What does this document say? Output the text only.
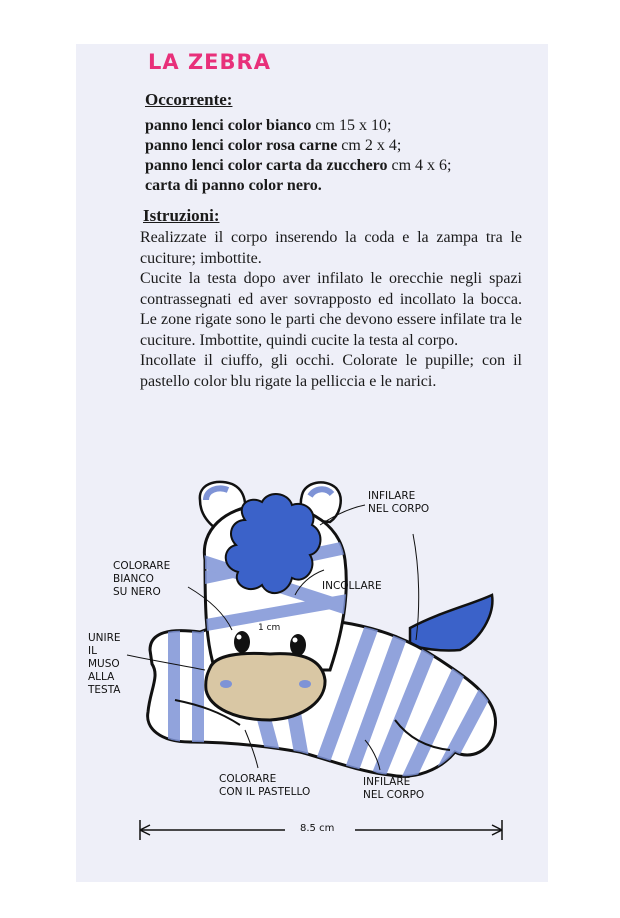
LA ZEBRA
Occorrente:
panno lenci color bianco cm 15 x 10;
panno lenci color rosa carne cm 2 x 4;
panno lenci color carta da zucchero cm 4 x 6;
carta di panno color nero.
Istruzioni:

Realizzate il corpo inserendo la coda e la zampa tra le cuciture; imbottite.

Cucite la testa dopo aver infilato le orecchie negli spazi contrassegnati ed aver sovrapposto ed incollato la bocca. Le zone rigate sono le parti che devono essere infilate tra le cuciture. Imbottite, quindi cucite la testa al corpo.

Incollate il ciuffo, gli occhi. Colorate le pupille; con il pastello color blu rigate la pelliccia e le narici.

INFILARE
NEL CORPO
COLORARE
BIANCO
SU NERO	INCOLLARE
1 cm
UNIRE
IL
MUSO
ALLA
TESTA
COLORARE
CON IL PASTELLO
INFILARE
NEL CORPO
8.5 cm
